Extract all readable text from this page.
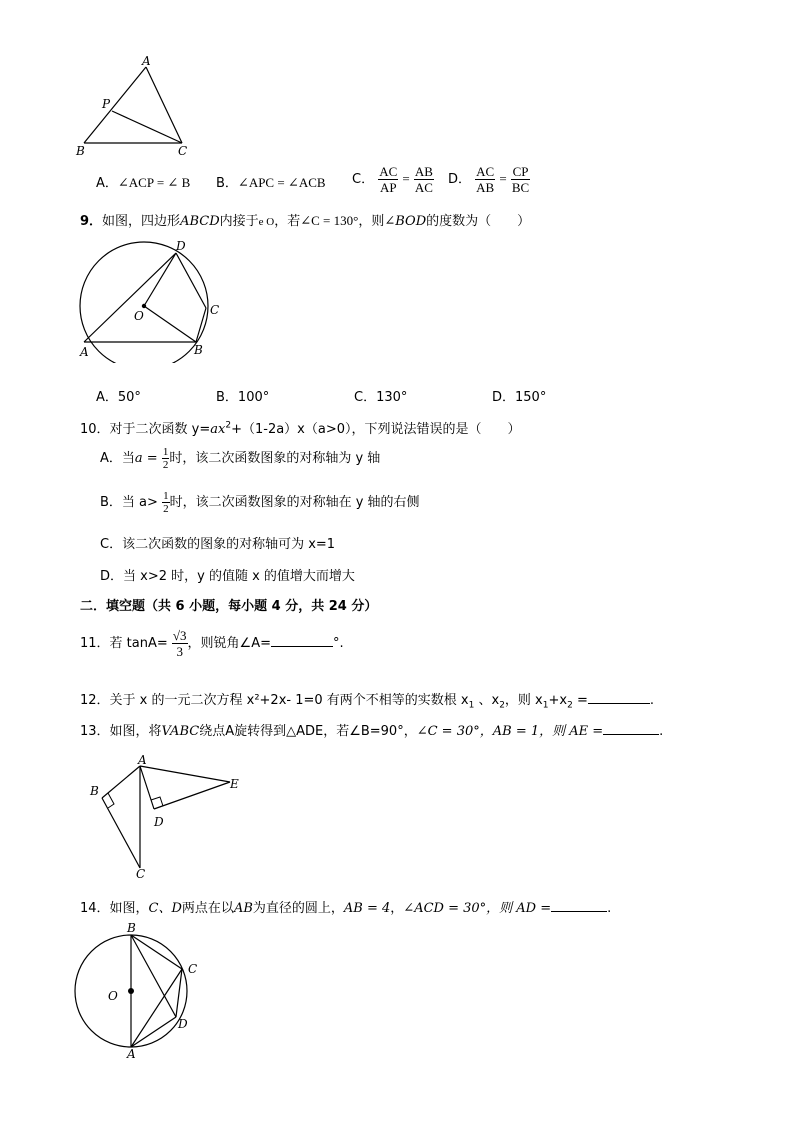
A
P
B	C
A．∠ACP = ∠ B B．∠APC = ∠ACB C． $\frac{AC}{AP} = \frac{AB}{AC}$ D． $\frac{AC}{AB} = \frac{CP}{BC}$
9．如图，四边形ABCD内接于e O，若∠C = 130°，则∠BOD的度数为（　　）
D
C
O
A	B
A．50°	B．100°	C．130°	D．150°
10．对于二次函数 $y=ax^2+(1-2a)x(a>0)$，下列说法错误的是（　　）
A．当$a = \frac{1}{2}$ 时，该二次函数图象的对称轴为 y 轴
B．当 $a> \frac{1}{2}$ 时，该二次函数图象的对称轴在 y 轴的右侧
C．该二次函数的图象的对称轴可为 x=1
D．当 x>2 时，y 的值随 x 的值增大而增大
二．填空题（共 6 小题，每小题 4 分，共 24 分）
11．若 $\tan A= \frac{√3}{3}$ ，则锐角∠A=	°.
12．关于 x 的一元二次方程 x²+2x- 1=0 有两个不相等的实数根 $x_1$ 、$x_2$，则 $x_1+x_2$ =	.
13．如图，将VABC绕点A旋转得到△ADE，若∠B=90°，∠C = 30°，AB = 1，则 AE =	.
A
B	E
D
C
14．如图，C、D两点在以AB为直径的圆上，AB = 4，∠ACD = 30°，则 AD =	.
B
C
O
D
A
